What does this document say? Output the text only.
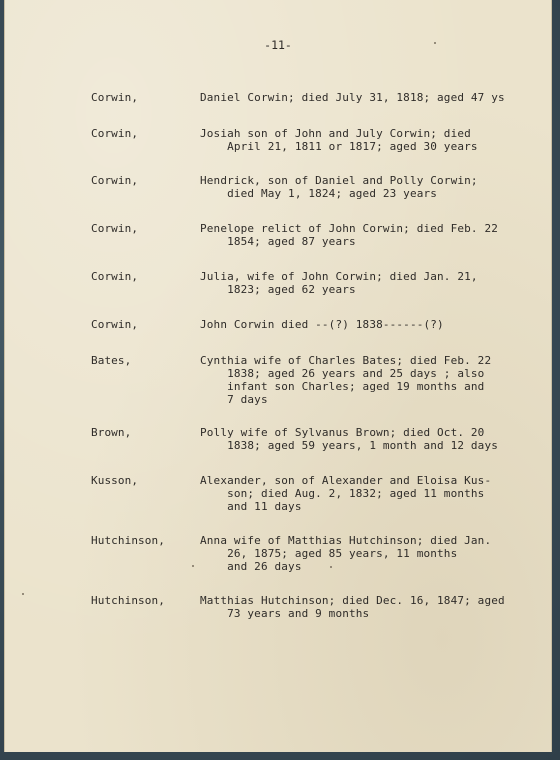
-11-
Corwin,	Daniel Corwin; died July 31, 1818; aged 47 ys
Corwin,	Josiah son of John and July Corwin; died
April 21, 1811 or 1817; aged 30 years
Corwin,	Hendrick, son of Daniel and Polly Corwin;
died May 1, 1824; aged 23 years
Corwin,	Penelope relict of John Corwin; died Feb. 22
1854; aged 87 years
Corwin,	Julia, wife of John Corwin; died Jan. 21,
1823; aged 62 years
Corwin,	John Corwin died --(?) 1838------(?)
Bates,	Cynthia wife of Charles Bates; died Feb. 22
1838; aged 26 years and 25 days ; also
infant son Charles; aged 19 months and
7 days
Brown,	Polly wife of Sylvanus Brown; died Oct. 20
1838; aged 59 years, 1 month and 12 days
Kusson,	Alexander, son of Alexander and Eloisa Kus-
son; died Aug. 2, 1832; aged 11 months
and 11 days
Hutchinson,	Anna wife of Matthias Hutchinson; died Jan.
26, 1875; aged 85 years, 11 months
and 26 days
Hutchinson,	Matthias Hutchinson; died Dec. 16, 1847; aged
73 years and 9 months
